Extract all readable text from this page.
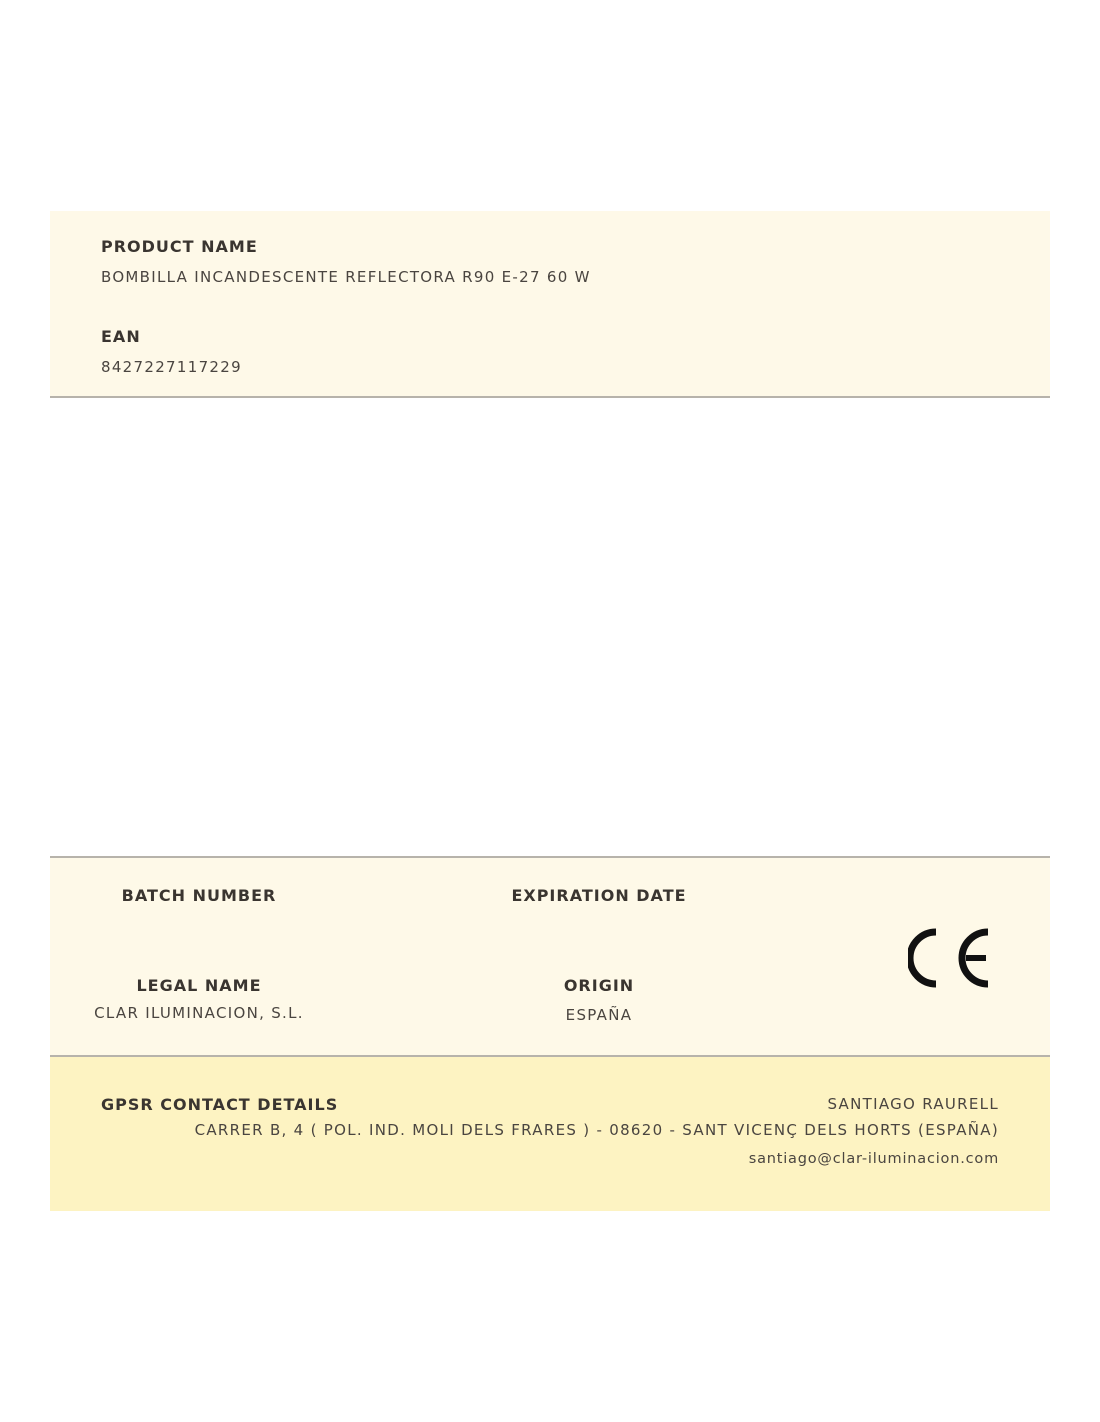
PRODUCT NAME
BOMBILLA INCANDESCENTE REFLECTORA R90 E-27 60 W
EAN
8427227117229
BATCH NUMBER	EXPIRATION DATE
LEGAL NAME
CLAR ILUMINACION, S.L.
ORIGIN
ESPAÑA
GPSR CONTACT DETAILS	SANTIAGO RAURELL
CARRER B, 4 ( POL. IND. MOLI DELS FRARES ) - 08620 - SANT VICENÇ DELS HORTS (ESPAÑA)
santiago@clar-iluminacion.com
